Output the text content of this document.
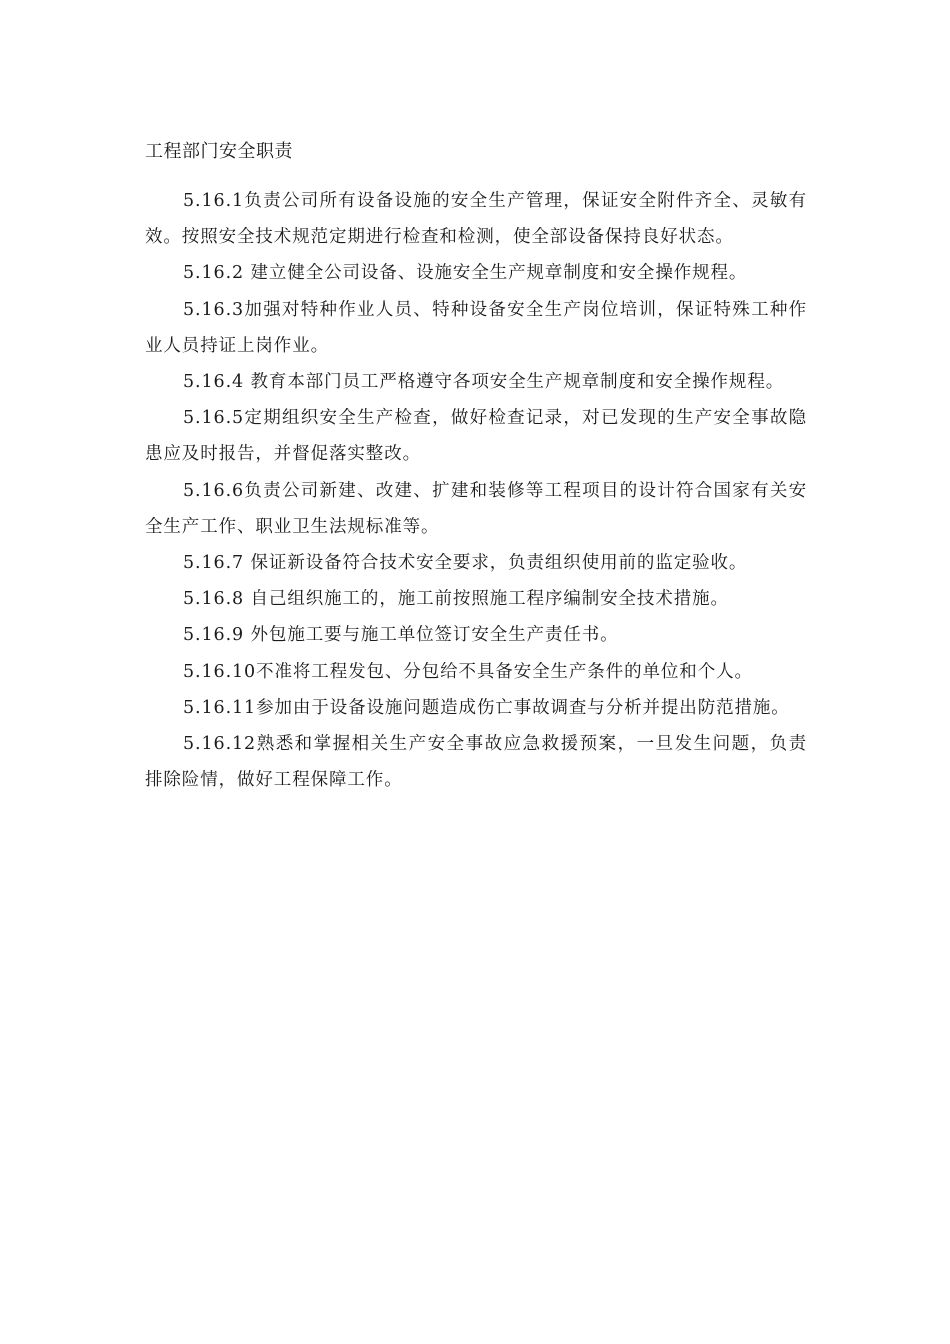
工程部门安全职责

5.16.1负责公司所有设备设施的安全生产管理，保证安全附件齐全、灵敏有效。按照安全技术规范定期进行检查和检测，使全部设备保持良好状态。

5.16.2 建立健全公司设备、设施安全生产规章制度和安全操作规程。

5.16.3加强对特种作业人员、特种设备安全生产岗位培训，保证特殊工种作业人员持证上岗作业。

5.16.4 教育本部门员工严格遵守各项安全生产规章制度和安全操作规程。

5.16.5定期组织安全生产检查，做好检查记录，对已发现的生产安全事故隐患应及时报告，并督促落实整改。

5.16.6负责公司新建、改建、扩建和装修等工程项目的设计符合国家有关安全生产工作、职业卫生法规标准等。

5.16.7 保证新设备符合技术安全要求，负责组织使用前的监定验收。

5.16.8 自己组织施工的，施工前按照施工程序编制安全技术措施。

5.16.9 外包施工要与施工单位签订安全生产责任书。

5.16.10不准将工程发包、分包给不具备安全生产条件的单位和个人。

5.16.11参加由于设备设施问题造成伤亡事故调查与分析并提出防范措施。

5.16.12熟悉和掌握相关生产安全事故应急救援预案，一旦发生问题，负责排除险情，做好工程保障工作。
